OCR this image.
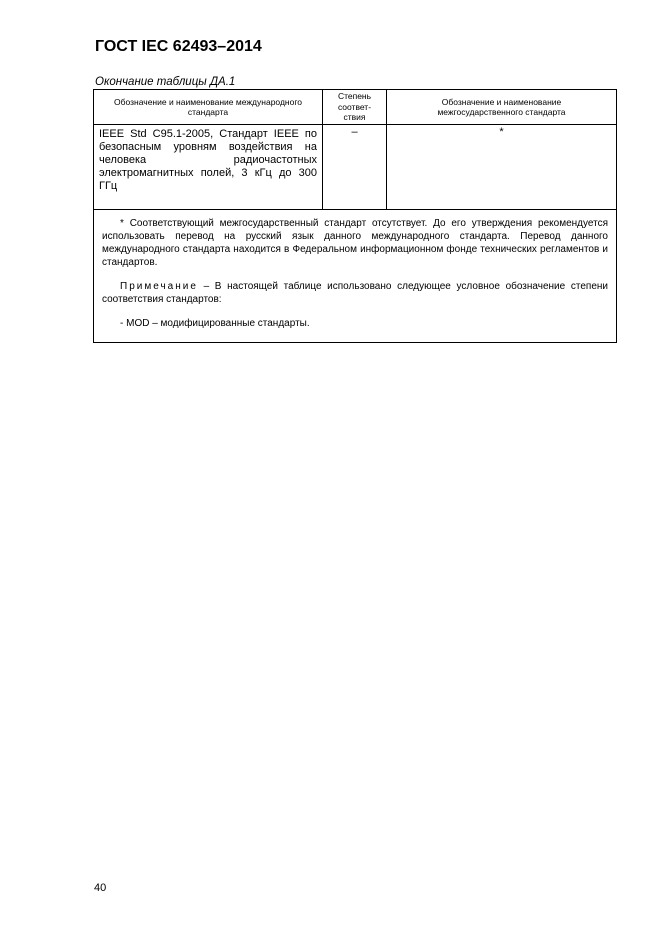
ГОСТ IEC 62493–2014
Окончание таблицы ДА.1
Обозначение и наименование международного стандарта	Степень соответ-ствия	Обозначение и наименование межгосударственного стандарта

IEEE Std C95.1-2005, Стандарт IEEE по безопасным уровням воздействия на человека радиочастотных электромагнитных полей, 3 кГц до 300 ГГц	–	*

* Соответствующий межгосударственный стандарт отсутствует. До его утверждения рекомендуется использовать перевод на русский язык данного международного стандарта. Перевод данного международного стандарта находится в Федеральном информационном фонде технических регламентов и стандартов.

Примечание – В настоящей таблице использовано следующее условное обозначение степени соответствия стандартов:

- MOD – модифицированные стандарты.		

40
